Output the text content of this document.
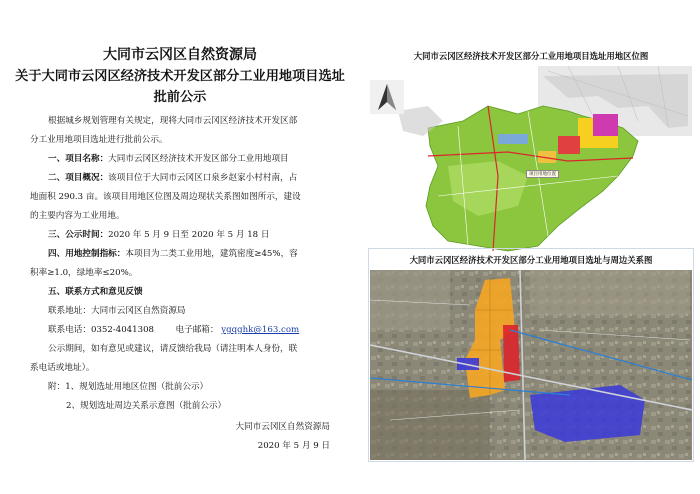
大同市云冈区自然资源局
关于大同市云冈区经济技术开发区部分工业用地项目选址
批前公示
根据城乡规划管理有关规定，现将大同市云冈区经济技术开发区部
分工业用地项目选址进行批前公示。
一、项目名称：大同市云冈区经济技术开发区部分工业用地项目
二、项目概况：该项目位于大同市云冈区口泉乡赵家小村村南，占
地面积 290.3 亩。该项目用地区位图及周边现状关系图如图所示，建设
的主要内容为工业用地。
三、公示时间：2020 年 5 月 9 日至 2020 年 5 月 18 日
四、用地控制指标：本项目为二类工业用地，建筑密度≥45%，容
积率≥1.0，绿地率≤20%。
五、联系方式和意见反馈
联系地址：大同市云冈区自然资源局
联系电话：0352-4041308 电子邮箱： ygqghk@163.com
公示期间，如有意见或建议，请反馈给我局（请注明本人身份，联
系电话或地址）。
附：1、规划选址用地区位图（批前公示）
2、规划选址周边关系示意图（批前公示）
大同市云冈区自然资源局
2020 年 5 月 9 日
大同市云冈区经济技术开发区部分工业用地项目选址用地区位图
项目用地位置
大同市云冈区经济技术开发区部分工业用地项目选址与周边关系图
